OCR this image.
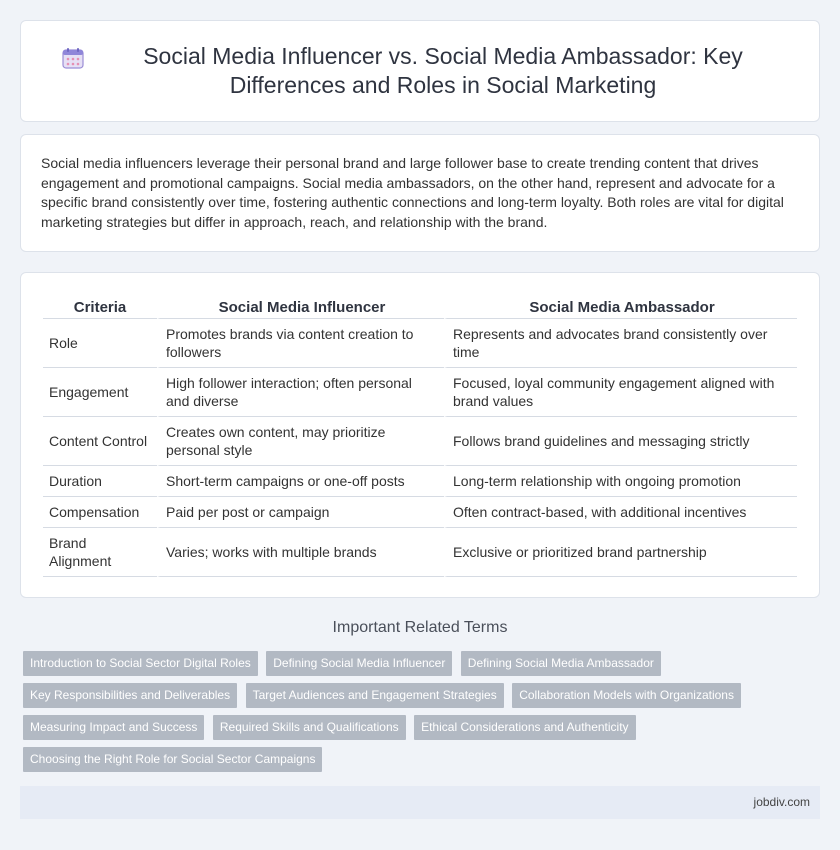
Social Media Influencer vs. Social Media Ambassador: Key Differences and Roles in Social Marketing

Social media influencers leverage their personal brand and large follower base to create trending content that drives engagement and promotional campaigns. Social media ambassadors, on the other hand, represent and advocate for a specific brand consistently over time, fostering authentic connections and long-term loyalty. Both roles are vital for digital marketing strategies but differ in approach, reach, and relationship with the brand.

Criteria	Social Media Influencer	Social Media Ambassador
Role	Promotes brands via content creation to followers	Represents and advocates brand consistently over time
Engagement	High follower interaction; often personal and diverse	Focused, loyal community engagement aligned with brand values
Content Control	Creates own content, may prioritize personal style	Follows brand guidelines and messaging strictly
Duration	Short-term campaigns or one-off posts	Long-term relationship with ongoing promotion
Compensation	Paid per post or campaign	Often contract-based, with additional incentives
Brand Alignment	Varies; works with multiple brands	Exclusive or prioritized brand partnership
Important Related Terms
Introduction to Social Sector Digital Roles Defining Social Media Influencer Defining Social Media Ambassador
Key Responsibilities and Deliverables Target Audiences and Engagement Strategies Collaboration Models with Organizations
Measuring Impact and Success Required Skills and Qualifications Ethical Considerations and Authenticity
Choosing the Right Role for Social Sector Campaigns
jobdiv.com
